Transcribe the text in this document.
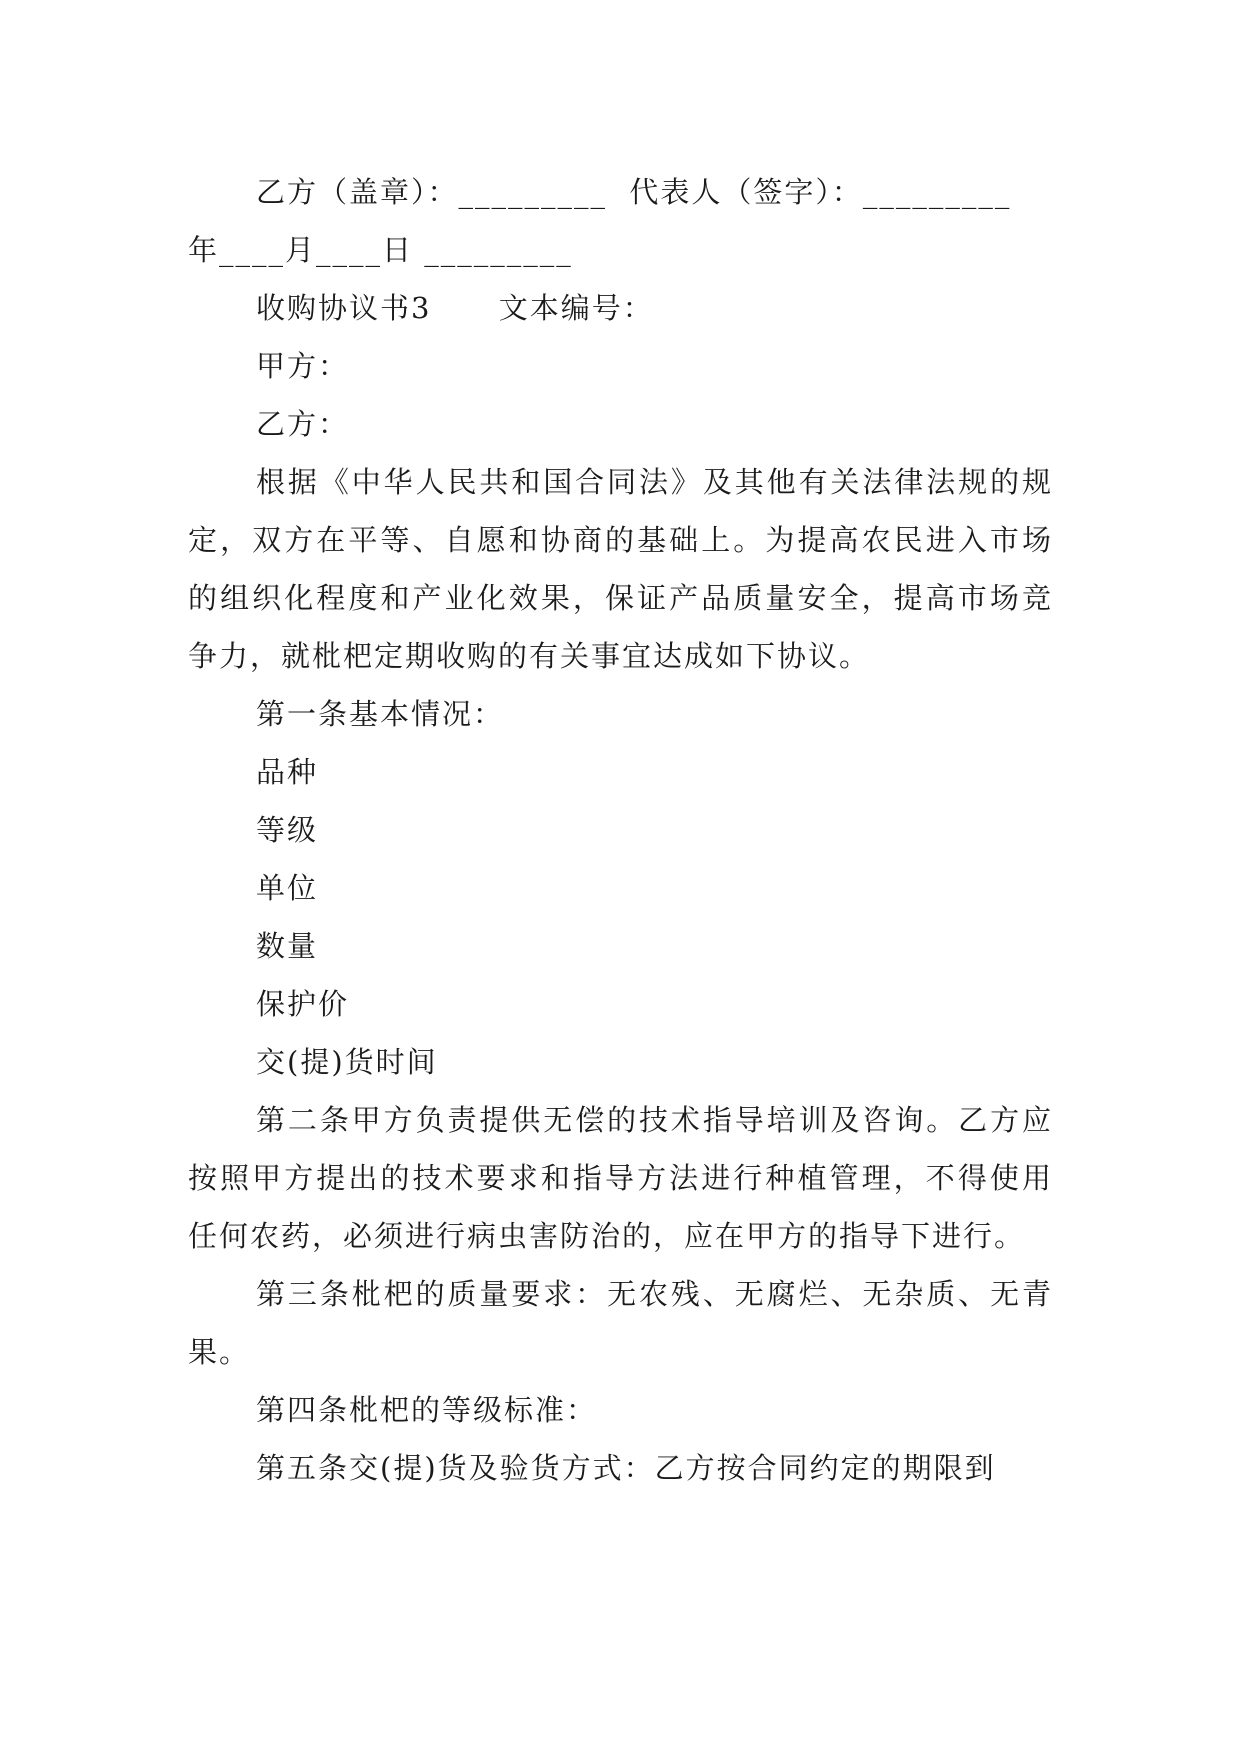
乙方（盖章）：_________  代表人（签字）：_________

年____月____日 _________

收购协议书3      文本编号：

甲方：

乙方：

根据《中华人民共和国合同法》及其他有关法律法规的规定，双方在平等、自愿和协商的基础上。为提高农民进入市场的组织化程度和产业化效果，保证产品质量安全，提高市场竞争力，就枇杷定期收购的有关事宜达成如下协议。

第一条基本情况：

品种

等级

单位

数量

保护价

交(提)货时间

第二条甲方负责提供无偿的技术指导培训及咨询。乙方应按照甲方提出的技术要求和指导方法进行种植管理，不得使用任何农药，必须进行病虫害防治的，应在甲方的指导下进行。

第三条枇杷的质量要求：无农残、无腐烂、无杂质、无青果。

第四条枇杷的等级标准：

第五条交(提)货及验货方式：乙方按合同约定的期限到
